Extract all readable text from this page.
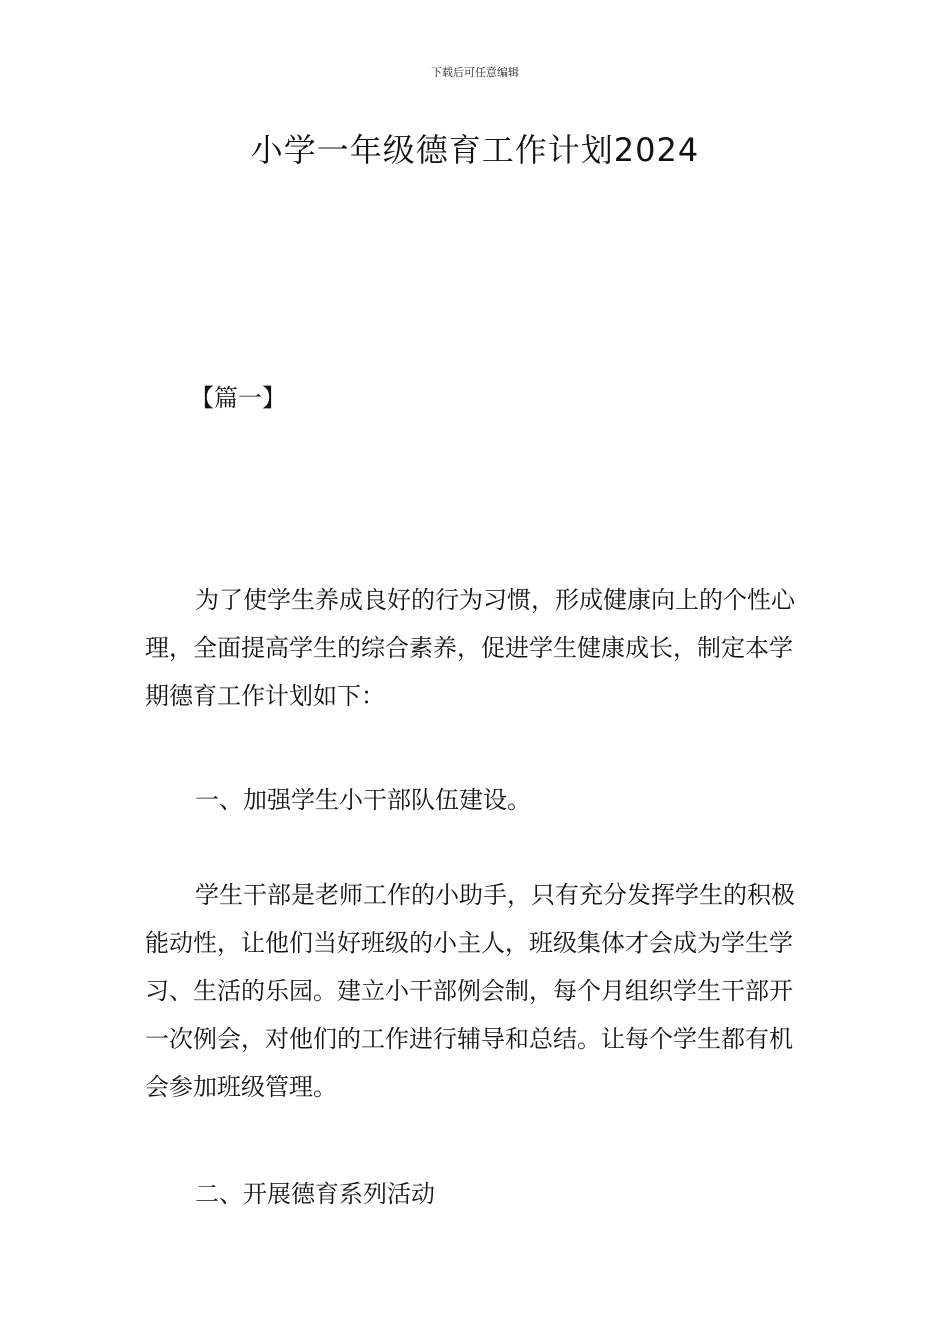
下载后可任意编辑
小学一年级德育工作计划2024
【篇一】

为了使学生养成良好的行为习惯，形成健康向上的个性心理，全面提高学生的综合素养，促进学生健康成长，制定本学期德育工作计划如下：

一、加强学生小干部队伍建设。

学生干部是老师工作的小助手，只有充分发挥学生的积极能动性，让他们当好班级的小主人，班级集体才会成为学生学习、生活的乐园。建立小干部例会制，每个月组织学生干部开一次例会，对他们的工作进行辅导和总结。让每个学生都有机会参加班级管理。

二、开展德育系列活动
